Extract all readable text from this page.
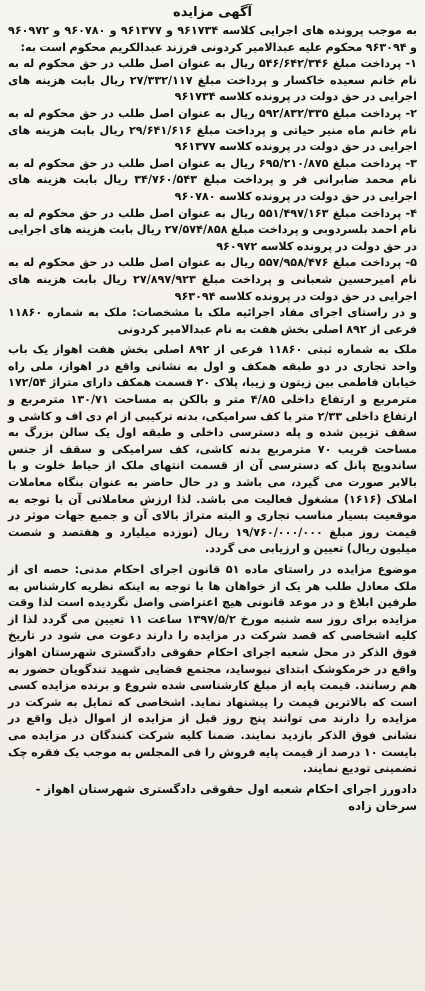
آگهی مزایده

به موجب پرونده های اجرایی کلاسه ۹۶۱۷۳۴ و ۹۶۱۳۷۷ و ۹۶۰۷۸۰ و ۹۶۰۹۷۲ و ۹۶۳۰۹۴ محکوم علیه عبدالامیر کردونی فرزند عبدالکریم محکوم است به:

۱- پرداخت مبلغ ۵۴۶/۶۴۲/۳۴۶ ریال به عنوان اصل طلب در حق محکوم له به نام خانم سعیده خاکسار و پرداخت مبلغ ۲۷/۳۳۲/۱۱۷ ریال بابت هزینه های اجرایی در حق دولت در پرونده کلاسه ۹۶۱۷۳۴

۲- پرداخت مبلغ ۵۹۲/۸۳۲/۳۳۵ ریال به عنوان اصل طلب در حق محکوم له به نام خانم ماه منیر حیاتی و پرداخت مبلغ ۲۹/۶۴۱/۶۱۶ ریال بابت هزینه های اجرایی در حق دولت در پرونده کلاسه ۹۶۱۳۷۷

۳- پرداخت مبلغ ۶۹۵/۲۱۰/۸۷۵ ریال به عنوان اصل طلب در حق محکوم له به نام محمد ضابرانی فر و پرداخت مبلغ ۳۴/۷۶۰/۵۴۳ ریال بابت هزینه های اجرایی در حق دولت در پرونده کلاسه ۹۶۰۷۸۰

۴- پرداخت مبلغ ۵۵۱/۴۹۷/۱۶۳ ریال به عنوان اصل طلب در حق محکوم له به نام احمد بلسردوبی و پرداخت مبلغ ۲۷/۵۷۴/۸۵۸ ریال بابت هزینه های اجرایی در حق دولت در پرونده کلاسه ۹۶۰۹۷۲

۵- پرداخت مبلغ ۵۵۷/۹۵۸/۴۷۶ ریال به عنوان اصل طلب در حق محکوم له به نام امیرحسین شعبانی و پرداخت مبلغ ۲۷/۸۹۷/۹۲۳ ریال بابت هزینه های اجرایی در حق دولت در پرونده کلاسه ۹۶۳۰۹۴

و در راستای اجرای مفاد اجرائیه ملک با مشخصات: ملک به شماره ۱۱۸۶۰ فرعی از ۸۹۲ اصلی بخش هفت به نام عبدالامیر کردونی

ملک به شماره ثبتی ۱۱۸۶۰ فرعی از ۸۹۲ اصلی بخش هفت اهواز یک باب واحد تجاری در دو طبقه همکف و اول به نشانی واقع در اهواز، ملی راه خیابان فاطمی بین زیتون و زیبا، پلاک ۲۰ قسمت همکف دارای متراژ ۱۷۲/۵۴ مترمربع و ارتفاع داخلی ۴/۸۵ متر و بالکن به مساحت ۱۳۰/۷۱ مترمربع و ارتفاع داخلی ۲/۳۳ متر با کف سرامیکی، بدنه ترکیبی از ام دی اف و کاشی و سقف تزیین شده و پله دسترسی داخلی و طبقه اول یک سالن بزرگ به مساحت قریب ۷۰ مترمربع بدنه کاشی، کف سرامیکی و سقف از جنس ساندویچ پانل که دسترسی آن از قسمت انتهای ملک از حیاط خلوت و با بالابر صورت می گیرد، می باشد و در حال حاضر به عنوان بنگاه معاملات املاک (۱۶۱۶) مشغول فعالیت می باشد. لذا ارزش معاملاتی آن با توجه به موقعیت بسیار مناسب تجاری و البته متراژ بالای آن و جمیع جهات موثر در قیمت روز مبلغ ۱۹/۷۶۰/۰۰۰/۰۰۰ ریال (نوزده میلیارد و هفتصد و شصت میلیون ریال) تعیین و ارزیابی می گردد.

موضوع مزایده در راستای ماده ۵۱ قانون اجرای احکام مدنی: حصه ای از ملک معادل طلب هر یک از خواهان ها با توجه به اینکه نظریه کارشناس به طرفین ابلاغ و در موعد قانونی هیچ اعتراضی واصل نگردیده است لذا وقت مزایده برای روز سه شنبه مورخ ۱۳۹۷/۵/۲ ساعت ۱۱ تعیین می گردد لذا از کلیه اشخاصی که قصد شرکت در مزایده را دارند دعوت می شود در تاریخ فوق الذکر در محل شعبه اجرای احکام حقوقی دادگستری شهرستان اهواز واقع در خرمکوشک ابتدای نیوساید، مجتمع قضایی شهید تندگویان حضور به هم رسانند. قیمت پایه از مبلغ کارشناسی شده شروع و برنده مزایده کسی است که بالاترین قیمت را پیشنهاد نماید. اشخاصی که تمایل به شرکت در مزایده را دارند می توانند پنج روز قبل از مزایده از اموال ذیل واقع در نشانی فوق الذکر بازدید نمایند. ضمنا کلیه شرکت کنندگان در مزایده می بایست ۱۰ درصد از قیمت پایه فروش را فی المجلس به موجب یک فقره چک تضمینی تودیع نمایند.

دادورز اجرای احکام شعبه اول حقوقی دادگستری شهرستان اهواز - سرخان زاده
